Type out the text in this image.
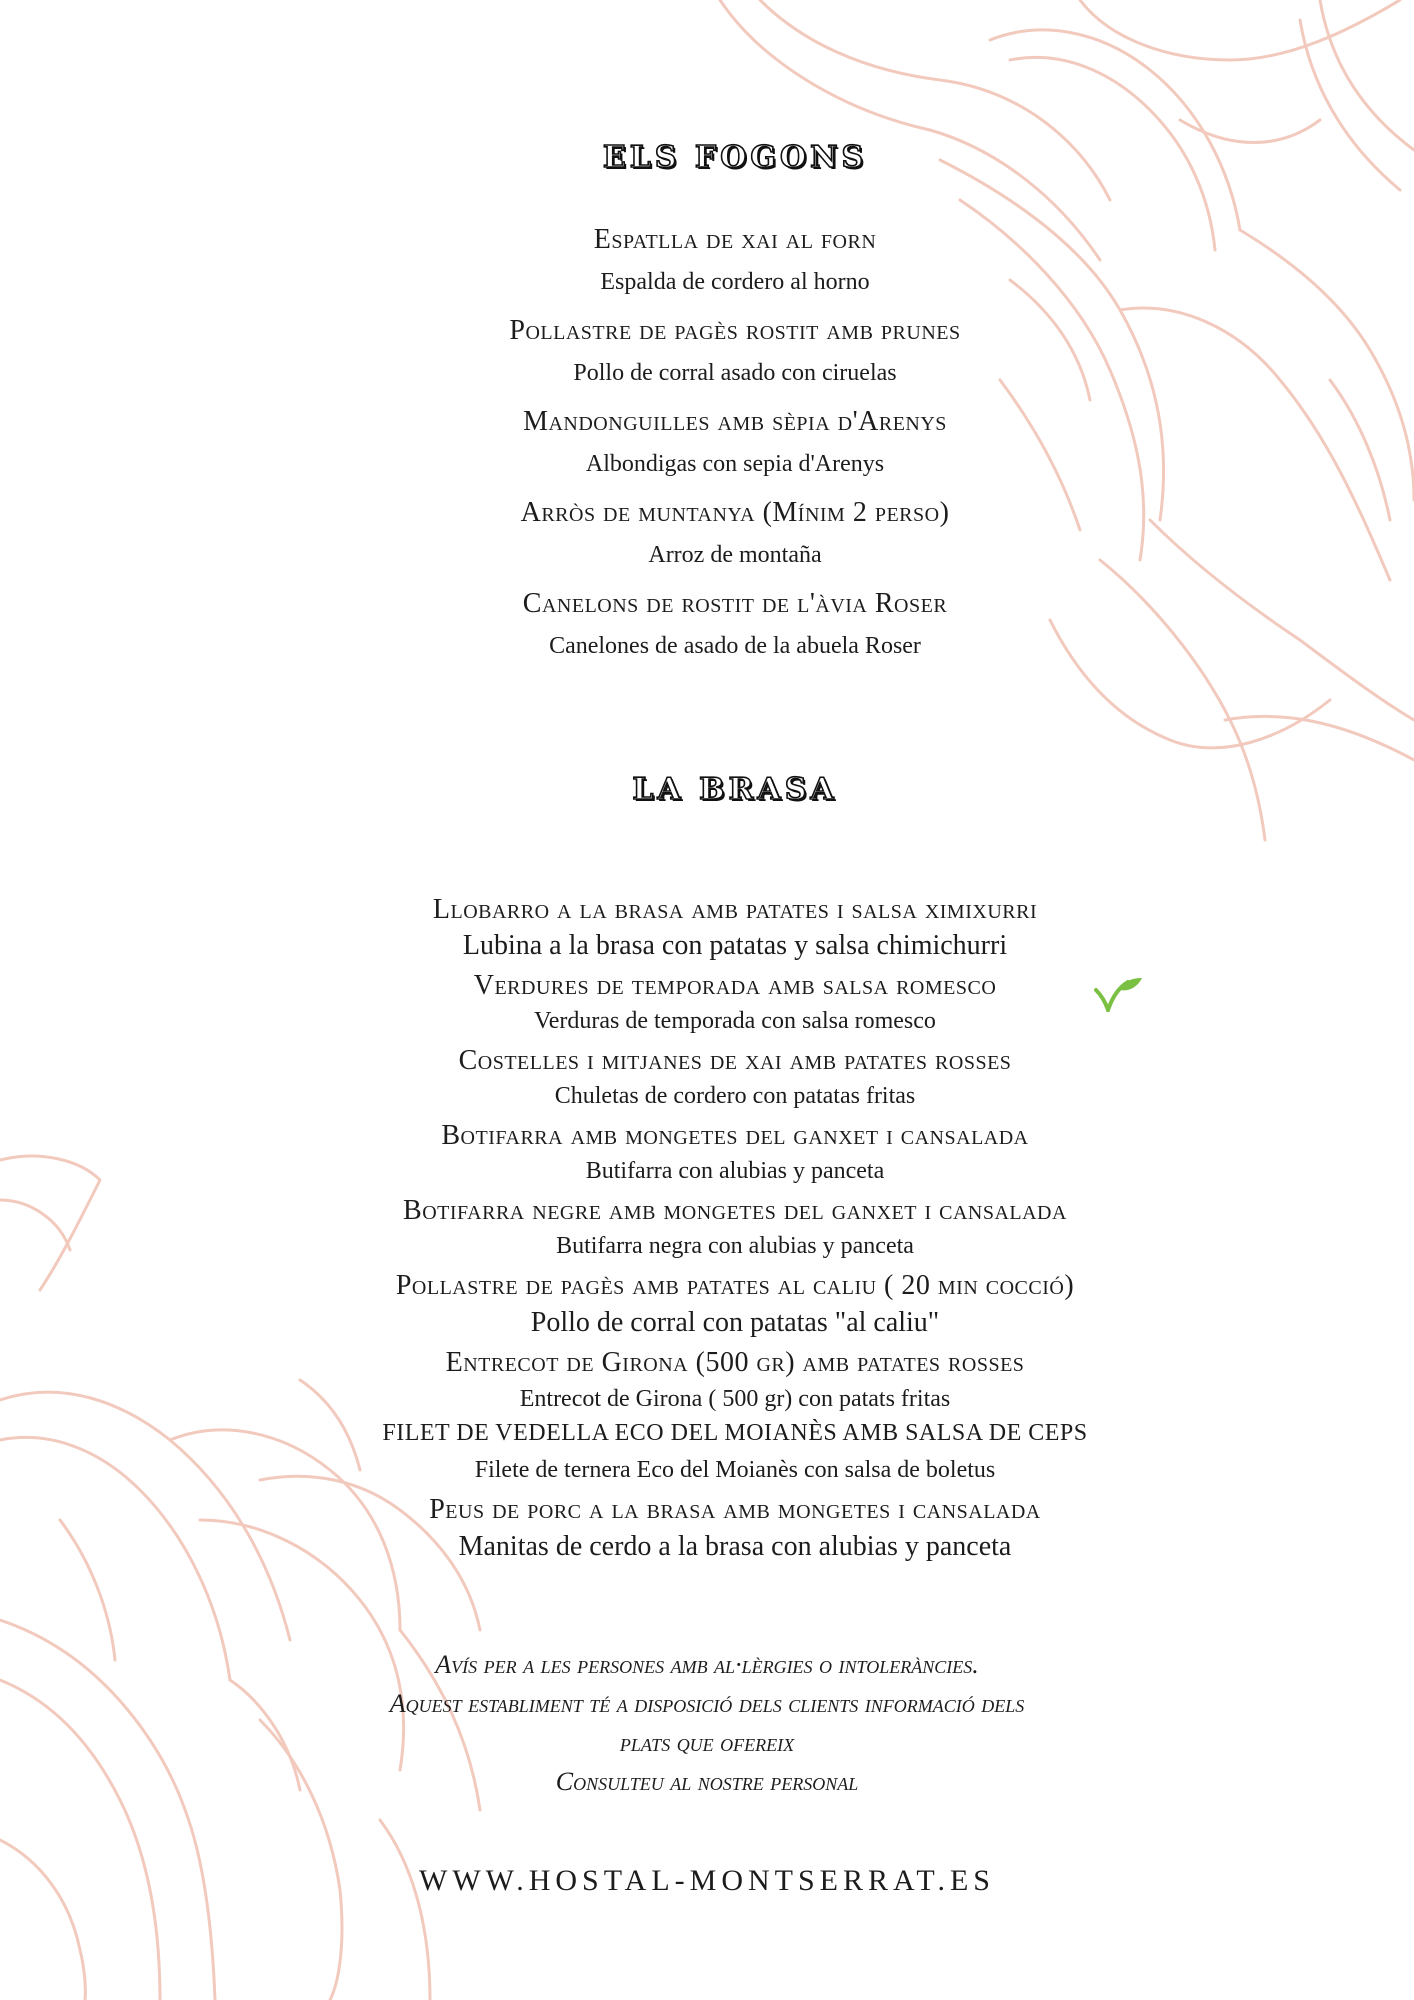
ELS FOGONS
Espatlla de xai al forn
Espalda de cordero al horno
Pollastre de pagès rostit amb prunes
Pollo de corral asado con ciruelas
Mandonguilles amb sèpia d'Arenys
Albondigas con sepia d'Arenys
Arròs de muntanya (Mínim 2 perso)
Arroz de montaña
Canelons de rostit de l'àvia Roser
Canelones de asado de la abuela Roser
LA BRASA
Llobarro a la brasa amb patates i salsa ximixurri
Lubina a la brasa con patatas y salsa chimichurri
Verdures de temporada amb salsa romesco
Verduras de temporada con salsa romesco
Costelles i mitjanes de xai amb patates rosses
Chuletas de cordero con patatas fritas
Botifarra amb mongetes del ganxet i cansalada
Butifarra con alubias y panceta
Botifarra negre amb mongetes del ganxet i cansalada
Butifarra negra con alubias y panceta
Pollastre de pagès amb patates al caliu ( 20 min cocció)
Pollo de corral con patatas "al caliu"
Entrecot de Girona (500 gr) amb patates rosses
Entrecot de Girona ( 500 gr) con patats fritas
FILET DE VEDELLA ECO DEL MOIANÈS AMB SALSA DE CEPS
Filete de ternera Eco del Moianès con salsa de boletus
Peus de porc a la brasa amb mongetes i cansalada
Manitas de cerdo a la brasa con alubias y panceta
Avís per a les persones amb al·lèrgies o intoleràncies.
Aquest establiment té a disposició dels clients informació dels
plats que ofereix
Consulteu al nostre personal
WWW.HOSTAL-MONTSERRAT.ES
